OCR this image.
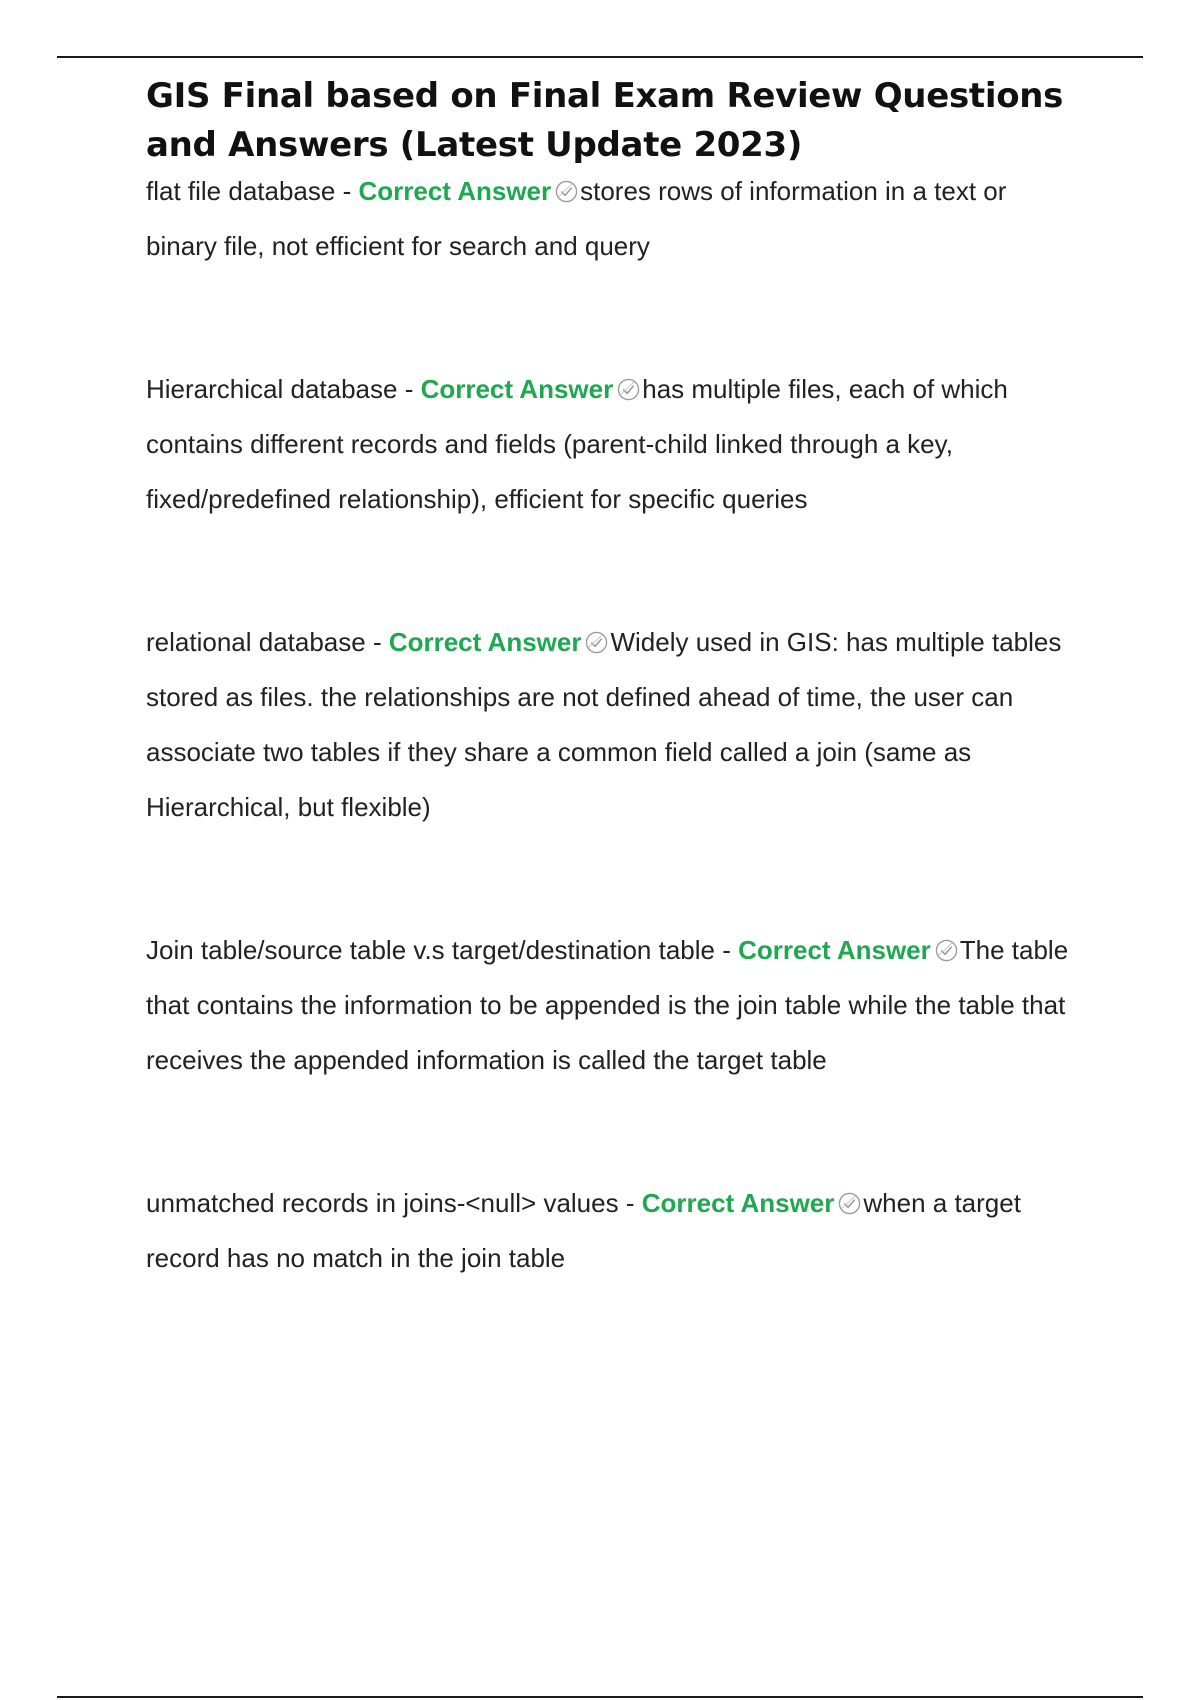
GIS Final based on Final Exam Review Questions and Answers (Latest Update 2023)

flat file database - Correct Answer stores rows of information in a text or binary file, not efficient for search and query

Hierarchical database - Correct Answer has multiple files, each of which contains different records and fields (parent-child linked through a key, fixed/predefined relationship), efficient for specific queries

relational database - Correct Answer Widely used in GIS: has multiple tables stored as files. the relationships are not defined ahead of time, the user can associate two tables if they share a common field called a join (same as Hierarchical, but flexible)

Join table/source table v.s target/destination table - Correct Answer The table that contains the information to be appended is the join table while the table that receives the appended information is called the target table

unmatched records in joins-<null> values - Correct Answer when a target record has no match in the join table
